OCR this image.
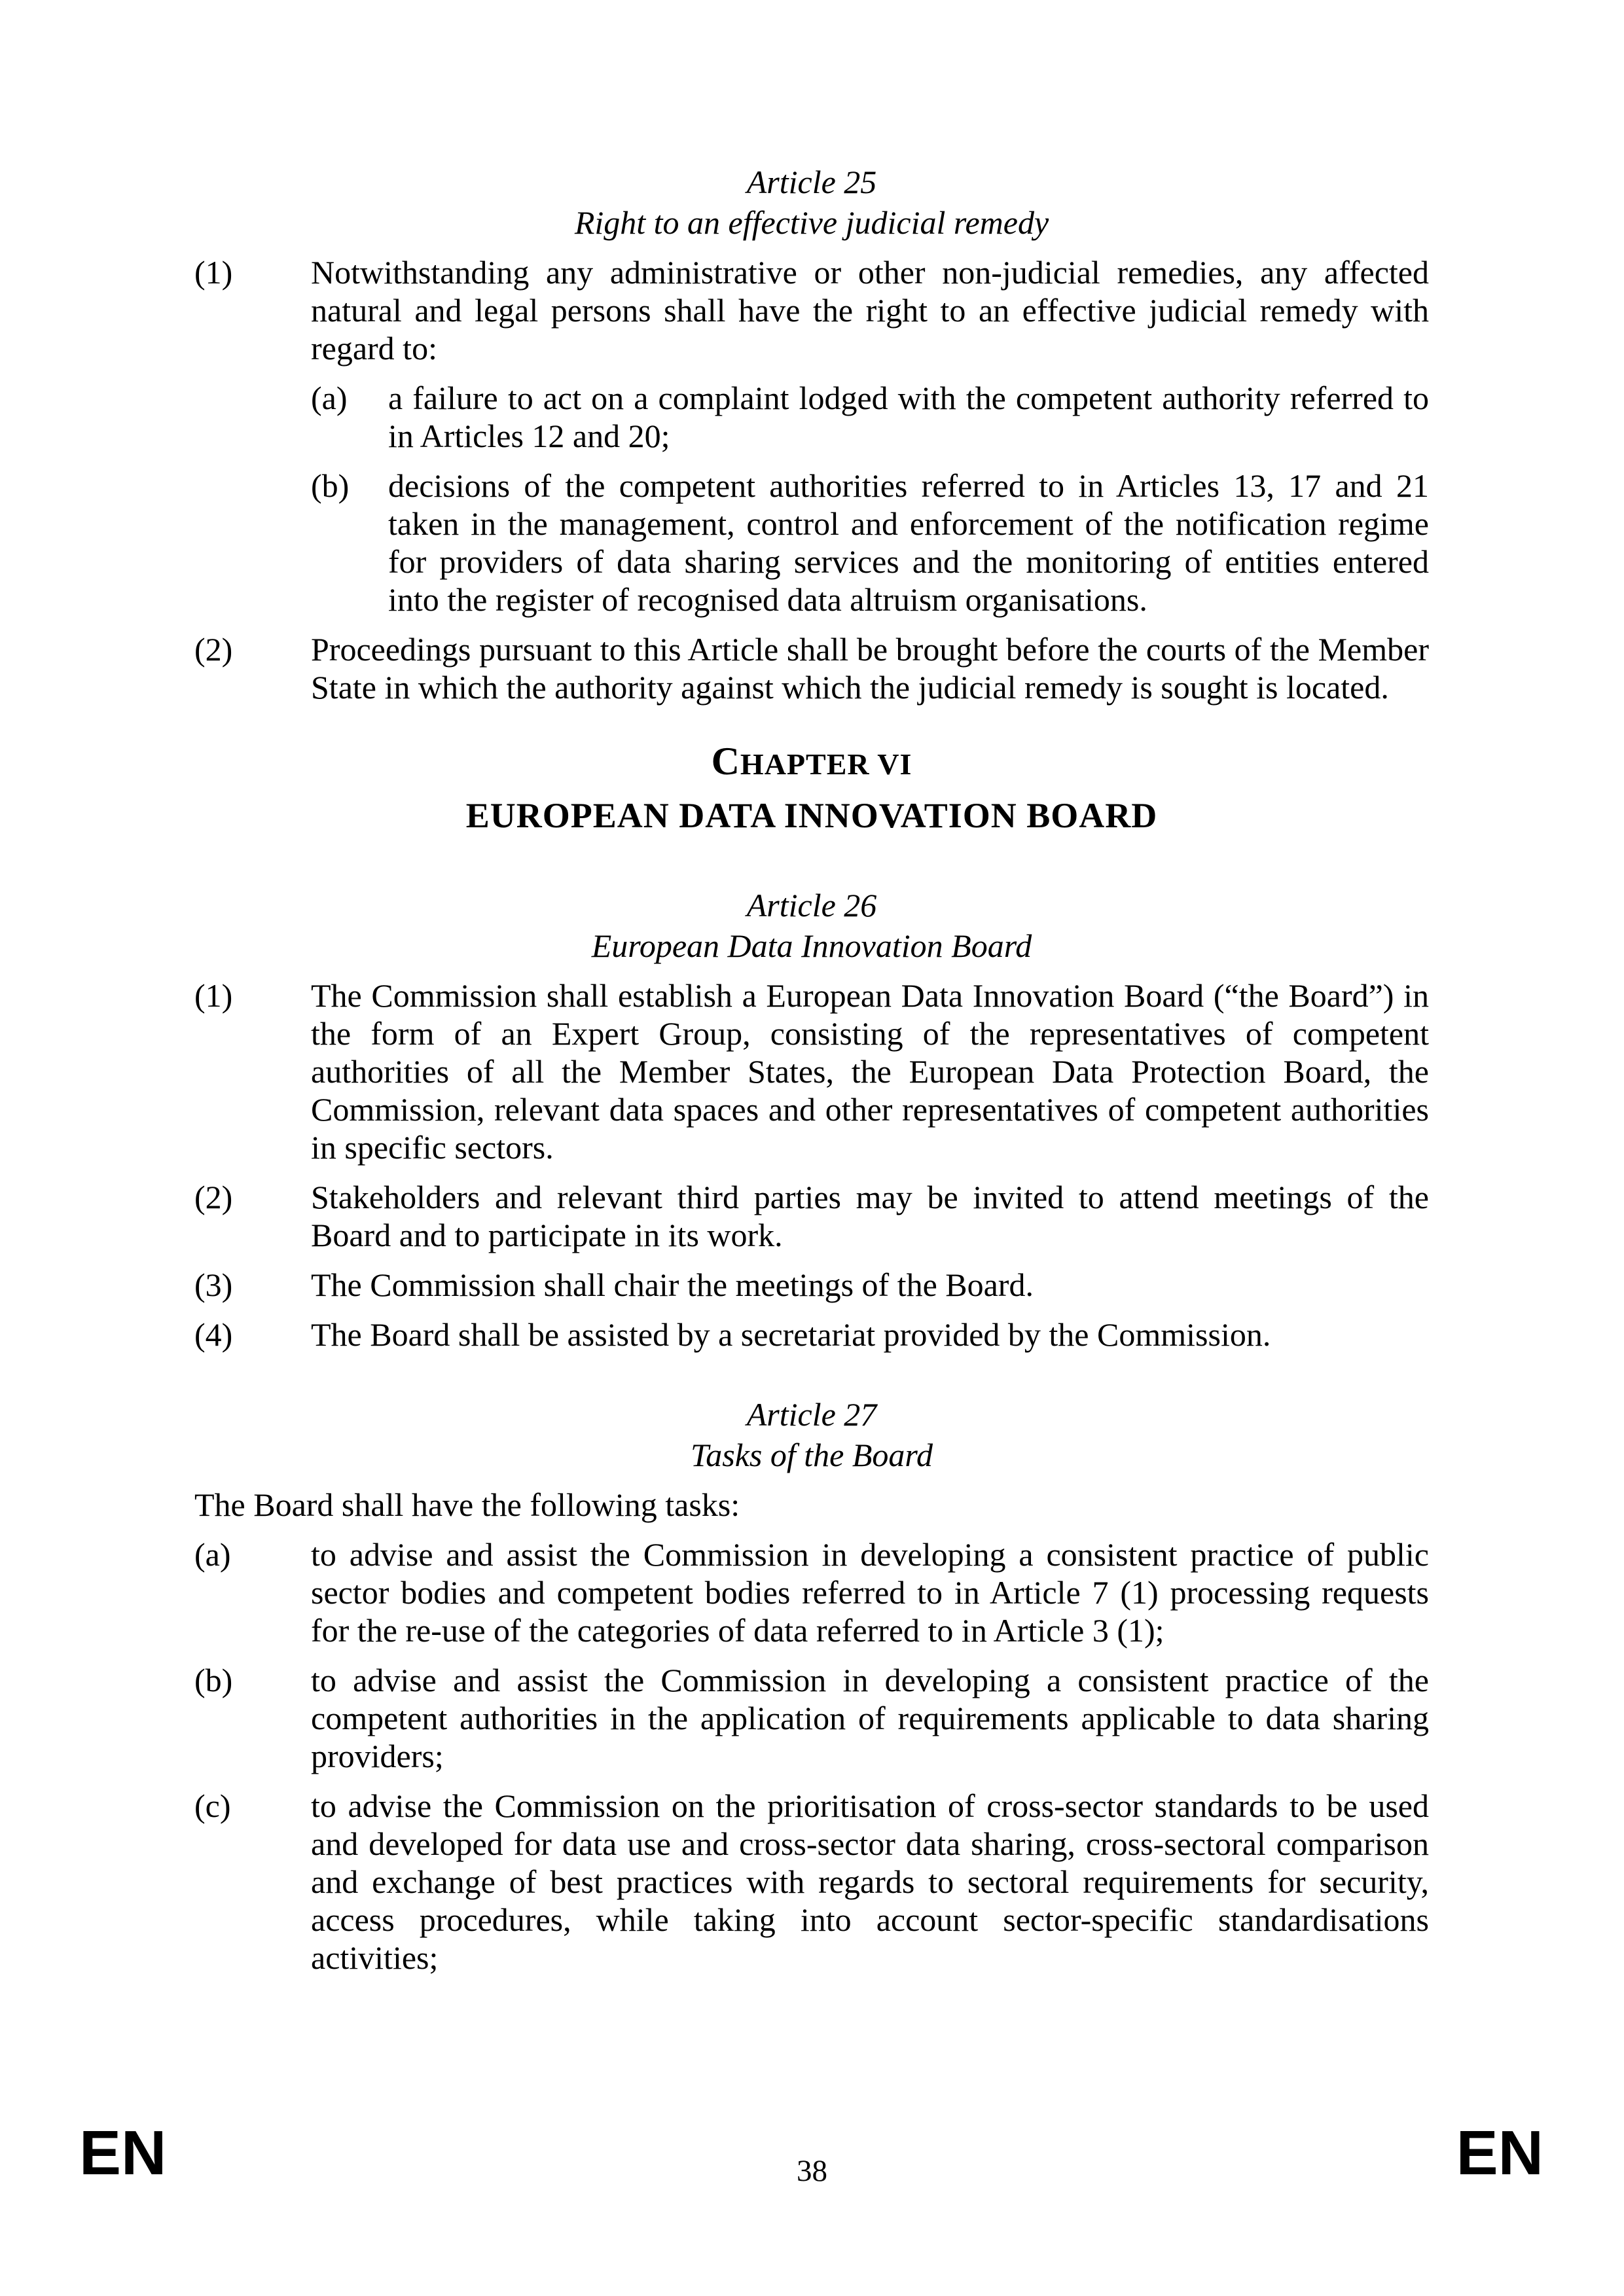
Article 25
Right to an effective judicial remedy
(1)	Notwithstanding any administrative or other non-judicial remedies, any affected natural and legal persons shall have the right to an effective judicial remedy with regard to:
(a)	a failure to act on a complaint lodged with the competent authority referred to in Articles 12 and 20;
(b)	decisions of the competent authorities referred to in Articles 13, 17 and 21 taken in the management, control and enforcement of the notification regime for providers of data sharing services and the monitoring of entities entered into the register of recognised data altruism organisations.
(2)	Proceedings pursuant to this Article shall be brought before the courts of the Member State in which the authority against which the judicial remedy is sought is located.
CHAPTER VI
EUROPEAN DATA INNOVATION BOARD
Article 26
European Data Innovation Board
(1)	The Commission shall establish a European Data Innovation Board (“the Board”) in the form of an Expert Group, consisting of the representatives of competent authorities of all the Member States, the European Data Protection Board, the Commission, relevant data spaces and other representatives of competent authorities in specific sectors.
(2)	Stakeholders and relevant third parties may be invited to attend meetings of the Board and to participate in its work.
(3)	The Commission shall chair the meetings of the Board.
(4)	The Board shall be assisted by a secretariat provided by the Commission.
Article 27
Tasks of the Board
The Board shall have the following tasks:
(a)	to advise and assist the Commission in developing a consistent practice of public sector bodies and competent bodies referred to in Article 7 (1) processing requests for the re-use of the categories of data referred to in Article 3 (1);
(b)	to advise and assist the Commission in developing a consistent practice of the competent authorities in the application of requirements applicable to data sharing providers;
(c)	to advise the Commission on the prioritisation of cross-sector standards to be used and developed for data use and cross-sector data sharing, cross-sectoral comparison and exchange of best practices with regards to sectoral requirements for security, access procedures, while taking into account sector-specific standardisations activities;
EN	38	EN
